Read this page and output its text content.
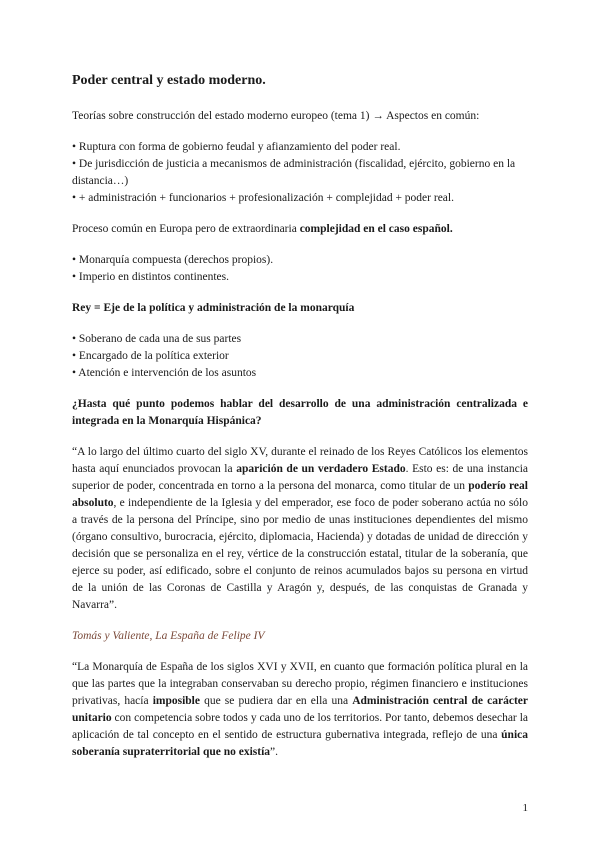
Poder central y estado moderno.

Teorías sobre construcción del estado moderno europeo (tema 1) → Aspectos en común:

• Ruptura con forma de gobierno feudal y afianzamiento del poder real.
• De jurisdicción de justicia a mecanismos de administración (fiscalidad, ejército, gobierno en la distancia…)
• + administración + funcionarios + profesionalización + complejidad + poder real.

Proceso común en Europa pero de extraordinaria complejidad en el caso español.

• Monarquía compuesta (derechos propios).
• Imperio en distintos continentes.

Rey = Eje de la política y administración de la monarquía

• Soberano de cada una de sus partes
• Encargado de la política exterior
• Atención e intervención de los asuntos

¿Hasta qué punto podemos hablar del desarrollo de una administración centralizada e integrada en la Monarquía Hispánica?

“A lo largo del último cuarto del siglo XV, durante el reinado de los Reyes Católicos los elementos hasta aquí enunciados provocan la aparición de un verdadero Estado. Esto es: de una instancia superior de poder, concentrada en torno a la persona del monarca, como titular de un poderío real absoluto, e independiente de la Iglesia y del emperador, ese foco de poder soberano actúa no sólo a través de la persona del Príncipe, sino por medio de unas instituciones dependientes del mismo (órgano consultivo, burocracia, ejército, diplomacia, Hacienda) y dotadas de unidad de dirección y decisión que se personaliza en el rey, vértice de la construcción estatal, titular de la soberanía, que ejerce su poder, así edificado, sobre el conjunto de reinos acumulados bajos su persona en virtud de la unión de las Coronas de Castilla y Aragón y, después, de las conquistas de Granada y Navarra”.

Tomás y Valiente, La España de Felipe IV

“La Monarquía de España de los siglos XVI y XVII, en cuanto que formación política plural en la que las partes que la integraban conservaban su derecho propio, régimen financiero e instituciones privativas, hacía imposible que se pudiera dar en ella una Administración central de carácter unitario con competencia sobre todos y cada uno de los territorios. Por tanto, debemos desechar la aplicación de tal concepto en el sentido de estructura gubernativa integrada, reflejo de una única soberanía supraterritorial que no existía”.

1
